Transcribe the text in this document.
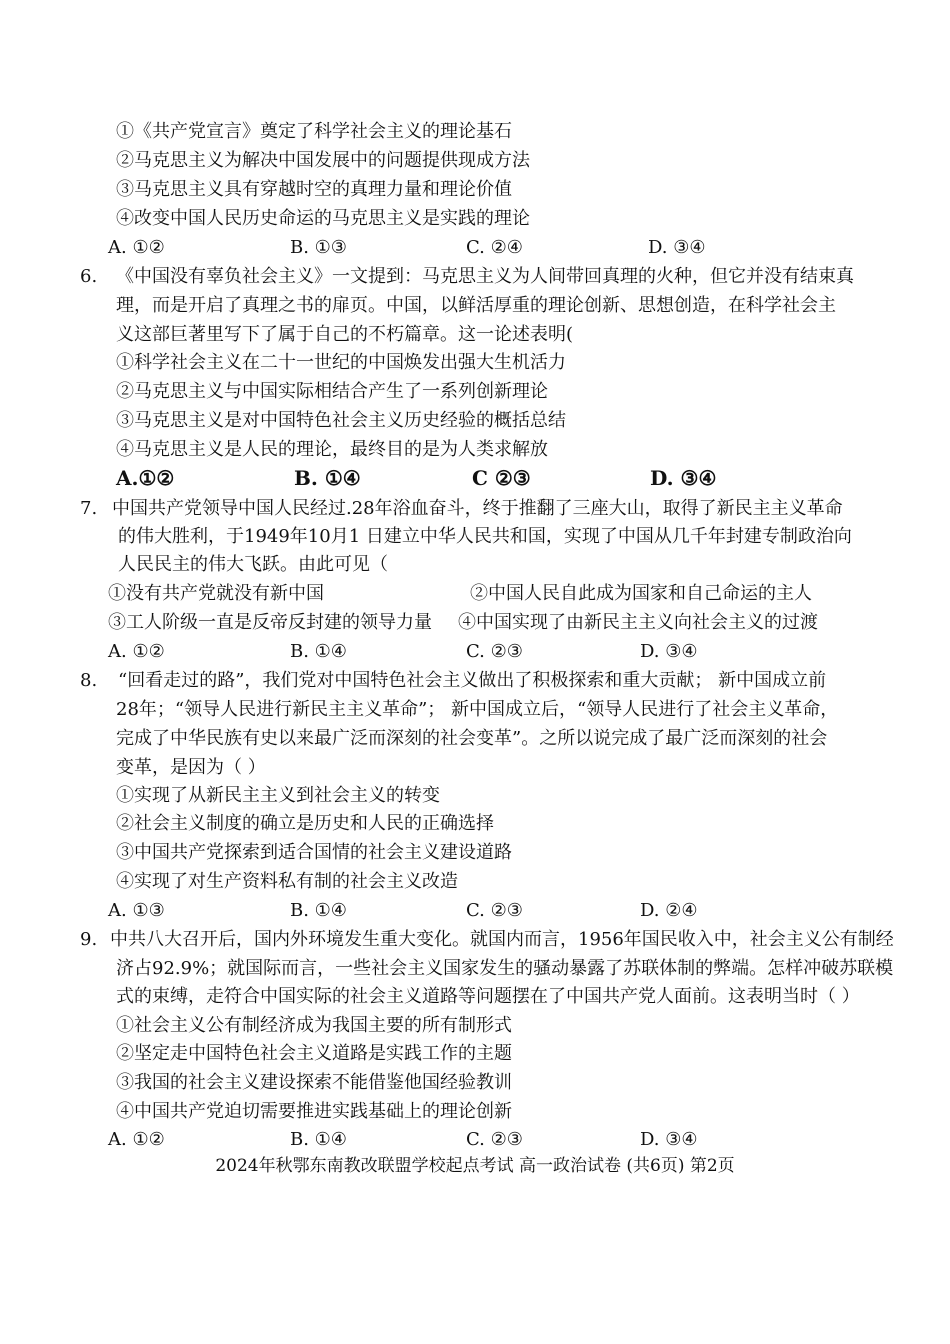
①《共产党宣言》奠定了科学社会主义的理论基石
②马克思主义为解决中国发展中的问题提供现成方法
③马克思主义具有穿越时空的真理力量和理论价值
④改变中国人民历史命运的马克思主义是实践的理论
A. ①②	B. ①③	C. ②④	D. ③④
6. 《中国没有辜负社会主义》一文提到：马克思主义为人间带回真理的火种，但它并没有结束真
理，而是开启了真理之书的扉页。中国，以鲜活厚重的理论创新、思想创造，在科学社会主
义这部巨著里写下了属于自己的不朽篇章。这一论述表明(
①科学社会主义在二十一世纪的中国焕发出强大生机活力
②马克思主义与中国实际相结合产生了一系列创新理论
③马克思主义是对中国特色社会主义历史经验的概括总结
④马克思主义是人民的理论，最终目的是为人类求解放
A.①②	B. ①④	C ②③	D. ③④
7. 中国共产党领导中国人民经过.28年浴血奋斗，终于推翻了三座大山，取得了新民主主义革命
的伟大胜利，于1949年10月1 日建立中华人民共和国，实现了中国从几千年封建专制政治向
人民民主的伟大飞跃。由此可见（
①没有共产党就没有新中国	②中国人民自此成为国家和自己命运的主人
③工人阶级一直是反帝反封建的领导力量 ④中国实现了由新民主主义向社会主义的过渡
A. ①②	B. ①④	C. ②③	D. ③④
8. “回看走过的路”，我们党对中国特色社会主义做出了积极探索和重大贡献； 新中国成立前
28年；“领导人民进行新民主主义革命”； 新中国成立后，“领导人民进行了社会主义革命，
完成了中华民族有史以来最广泛而深刻的社会变革”。之所以说完成了最广泛而深刻的社会
变革，是因为（ ）
①实现了从新民主主义到社会主义的转变
②社会主义制度的确立是历史和人民的正确选择
③中国共产党探索到适合国情的社会主义建设道路
④实现了对生产资料私有制的社会主义改造
A. ①③	B. ①④	C. ②③	D. ②④
9. 中共八大召开后，国内外环境发生重大变化。就国内而言，1956年国民收入中，社会主义公有制经
济占92.9%；就国际而言，一些社会主义国家发生的骚动暴露了苏联体制的弊端。怎样冲破苏联模
式的束缚，走符合中国实际的社会主义道路等问题摆在了中国共产党人面前。这表明当时（ ）
①社会主义公有制经济成为我国主要的所有制形式
②坚定走中国特色社会主义道路是实践工作的主题
③我国的社会主义建设探索不能借鉴他国经验教训
④中国共产党迫切需要推进实践基础上的理论创新
A. ①②	B. ①④	C. ②③	D. ③④
2024年秋鄂东南教改联盟学校起点考试 高一政治试卷 (共6页) 第2页
